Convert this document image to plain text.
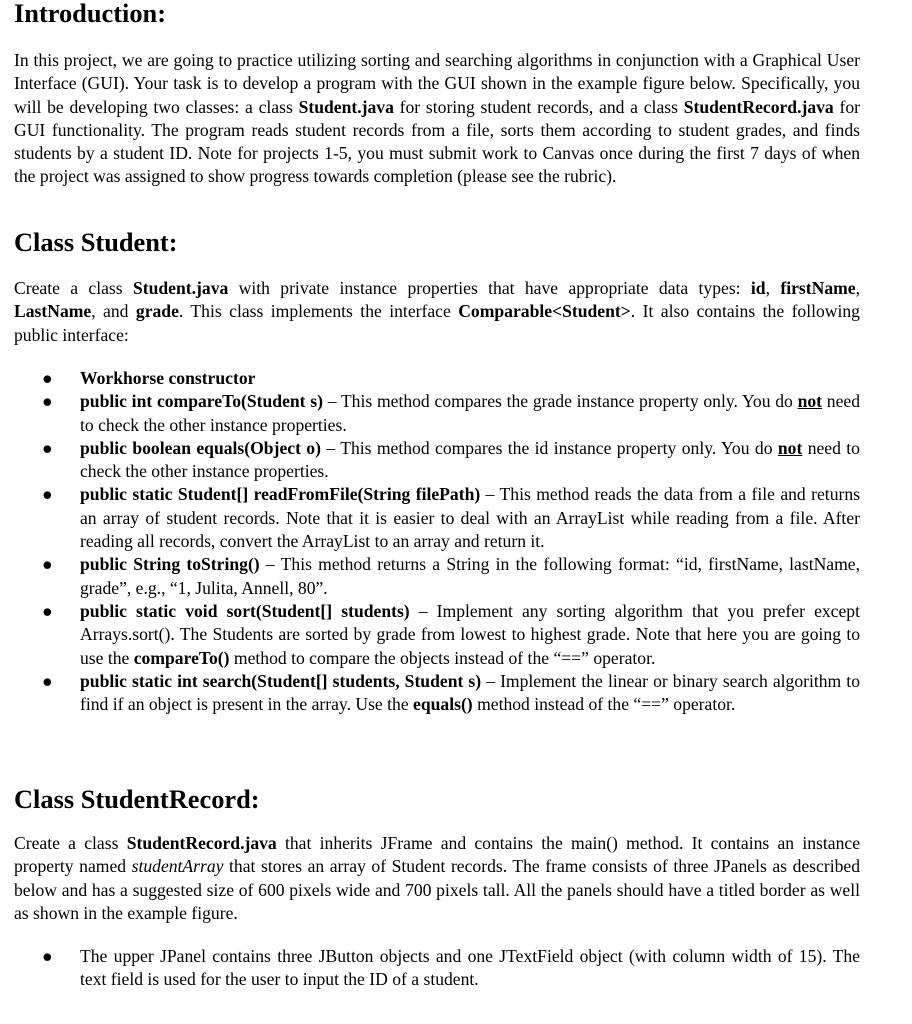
Introduction:

In this project, we are going to practice utilizing sorting and searching algorithms in conjunction with a Graphical User Interface (GUI). Your task is to develop a program with the GUI shown in the example figure below. Specifically, you will be developing two classes: a class Student.java for storing student records, and a class StudentRecord.java for GUI functionality. The program reads student records from a file, sorts them according to student grades, and finds students by a student ID. Note for projects 1-5, you must submit work to Canvas once during the first 7 days of when the project was assigned to show progress towards completion (please see the rubric).

Class Student:

Create a class Student.java with private instance properties that have appropriate data types: id, firstName, LastName, and grade. This class implements the interface Comparable<Student>. It also contains the following public interface:

● Workhorse constructor
● public int compareTo(Student s) – This method compares the grade instance property only. You do not need to check the other instance properties.
● public boolean equals(Object o) – This method compares the id instance property only. You do not need to check the other instance properties.
● public static Student[] readFromFile(String filePath) – This method reads the data from a file and returns an array of student records. Note that it is easier to deal with an ArrayList while reading from a file. After reading all records, convert the ArrayList to an array and return it.
● public String toString() – This method returns a String in the following format: “id, firstName, lastName, grade”, e.g., “1, Julita, Annell, 80”.
● public static void sort(Student[] students) – Implement any sorting algorithm that you prefer except Arrays.sort(). The Students are sorted by grade from lowest to highest grade. Note that here you are going to use the compareTo() method to compare the objects instead of the “==” operator.
● public static int search(Student[] students, Student s) – Implement the linear or binary search algorithm to find if an object is present in the array. Use the equals() method instead of the “==” operator.
Class StudentRecord:

Create a class StudentRecord.java that inherits JFrame and contains the main() method. It contains an instance property named studentArray that stores an array of Student records. The frame consists of three JPanels as described below and has a suggested size of 600 pixels wide and 700 pixels tall. All the panels should have a titled border as well as shown in the example figure.

● The upper JPanel contains three JButton objects and one JTextField object (with column width of 15). The text field is used for the user to input the ID of a student.
